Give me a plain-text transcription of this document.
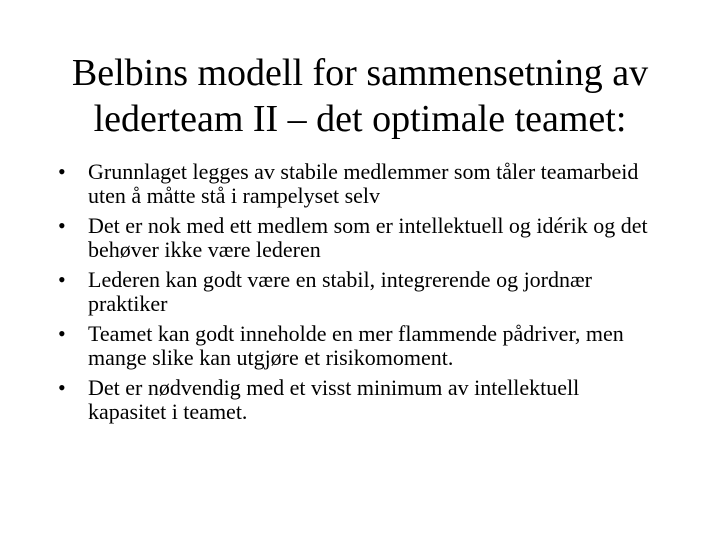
Belbins modell for sammensetning av lederteam II – det optimale teamet:
•	Grunnlaget legges av stabile medlemmer som tåler teamarbeid uten å måtte stå i rampelyset selv
•	Det er nok med ett medlem som er intellektuell og idérik og det behøver ikke være lederen
•	Lederen kan godt være en stabil, integrerende og jordnær praktiker
•	Teamet kan godt inneholde en mer flammende pådriver, men mange slike kan utgjøre et risikomoment.
•	Det er nødvendig med et visst minimum av intellektuell kapasitet i teamet.
